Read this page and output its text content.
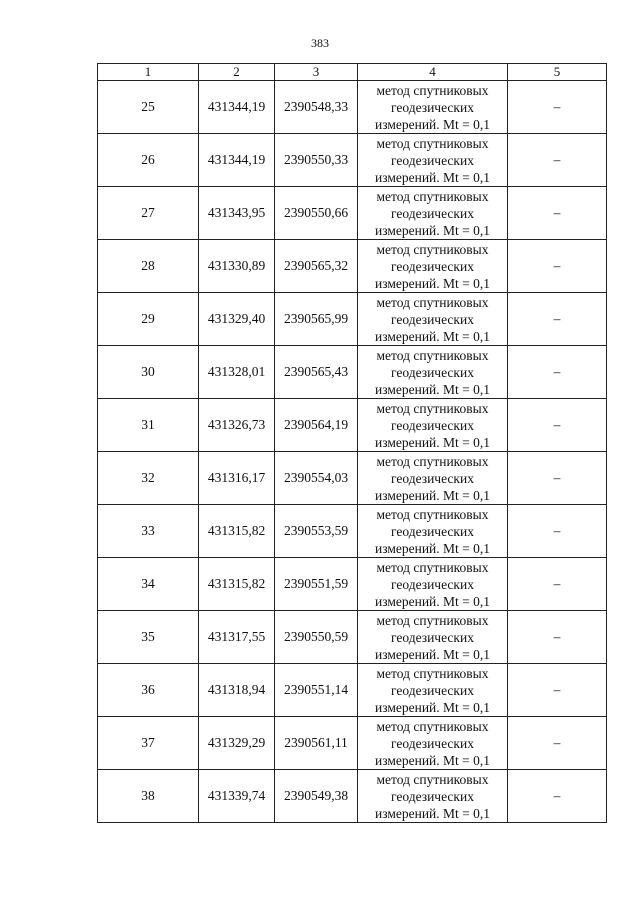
383
1	2	3	4	5
25	431344,19	2390548,33	метод спутниковых
геодезических
измерений. Mt = 0,1	–
26	431344,19	2390550,33	метод спутниковых
геодезических
измерений. Mt = 0,1	–
27	431343,95	2390550,66	метод спутниковых
геодезических
измерений. Mt = 0,1	–
28	431330,89	2390565,32	метод спутниковых
геодезических
измерений. Mt = 0,1	–
29	431329,40	2390565,99	метод спутниковых
геодезических
измерений. Mt = 0,1	–
30	431328,01	2390565,43	метод спутниковых
геодезических
измерений. Mt = 0,1	–
31	431326,73	2390564,19	метод спутниковых
геодезических
измерений. Mt = 0,1	–
32	431316,17	2390554,03	метод спутниковых
геодезических
измерений. Mt = 0,1	–
33	431315,82	2390553,59	метод спутниковых
геодезических
измерений. Mt = 0,1	–
34	431315,82	2390551,59	метод спутниковых
геодезических
измерений. Mt = 0,1	–
35	431317,55	2390550,59	метод спутниковых
геодезических
измерений. Mt = 0,1	–
36	431318,94	2390551,14	метод спутниковых
геодезических
измерений. Mt = 0,1	–
37	431329,29	2390561,11	метод спутниковых
геодезических
измерений. Mt = 0,1	–
38	431339,74	2390549,38	метод спутниковых
геодезических
измерений. Mt = 0,1	–
